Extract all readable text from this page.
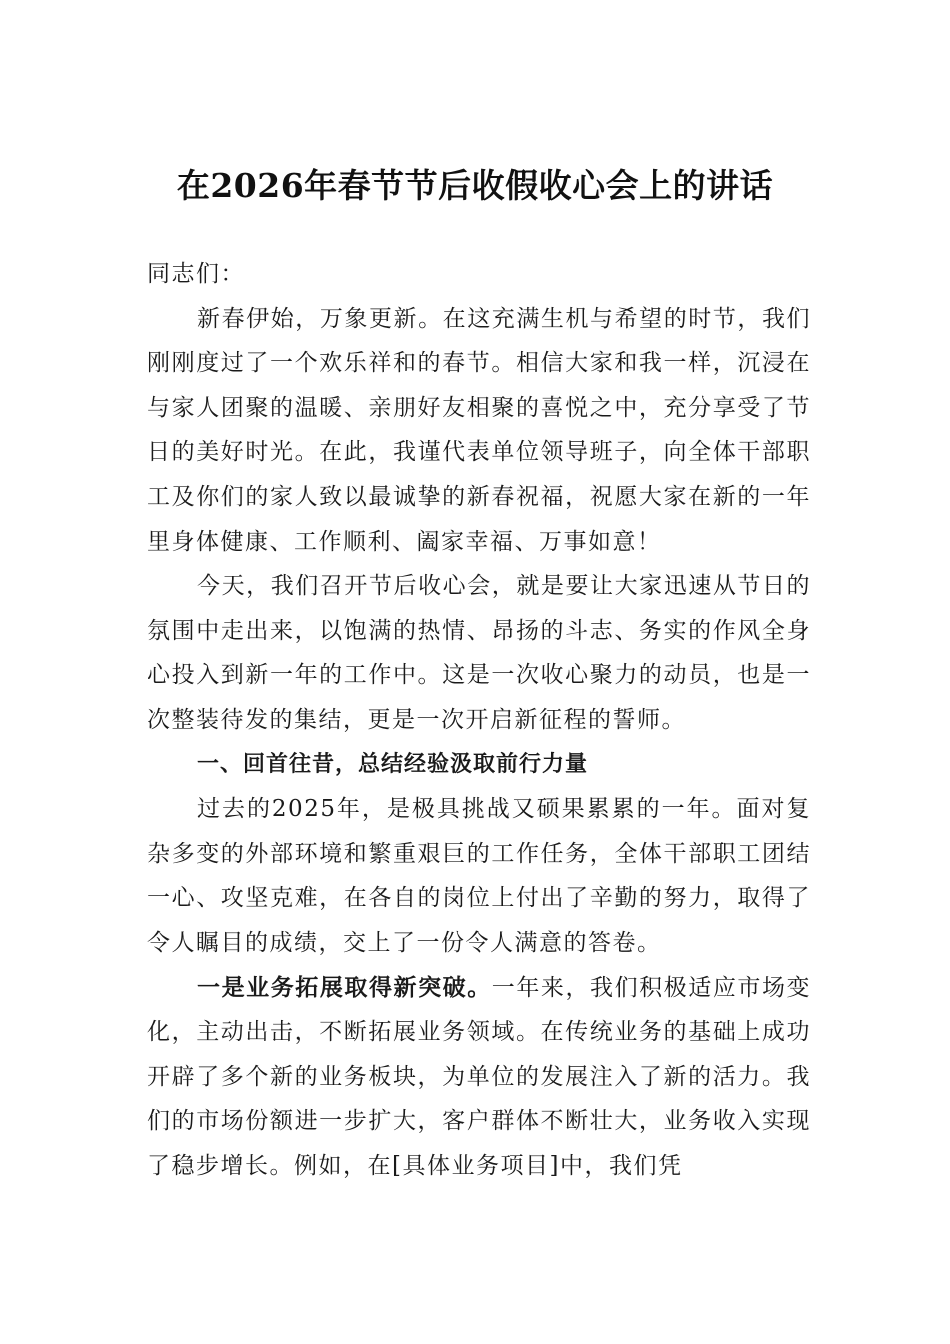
在2026年春节节后收假收心会上的讲话

同志们：

新春伊始，万象更新。在这充满生机与希望的时节，我们刚刚度过了一个欢乐祥和的春节。相信大家和我一样，沉浸在与家人团聚的温暖、亲朋好友相聚的喜悦之中，充分享受了节日的美好时光。在此，我谨代表单位领导班子，向全体干部职工及你们的家人致以最诚挚的新春祝福，祝愿大家在新的一年里身体健康、工作顺利、阖家幸福、万事如意！

今天，我们召开节后收心会，就是要让大家迅速从节日的氛围中走出来，以饱满的热情、昂扬的斗志、务实的作风全身心投入到新一年的工作中。这是一次收心聚力的动员，也是一次整装待发的集结，更是一次开启新征程的誓师。

一、回首往昔，总结经验汲取前行力量

过去的2025年，是极具挑战又硕果累累的一年。面对复杂多变的外部环境和繁重艰巨的工作任务，全体干部职工团结一心、攻坚克难，在各自的岗位上付出了辛勤的努力，取得了令人瞩目的成绩，交上了一份令人满意的答卷。

一是业务拓展取得新突破。一年来，我们积极适应市场变化，主动出击，不断拓展业务领域。在传统业务的基础上成功开辟了多个新的业务板块，为单位的发展注入了新的活力。我们的市场份额进一步扩大，客户群体不断壮大，业务收入实现了稳步增长。例如，在[具体业务项目]中，我们凭
